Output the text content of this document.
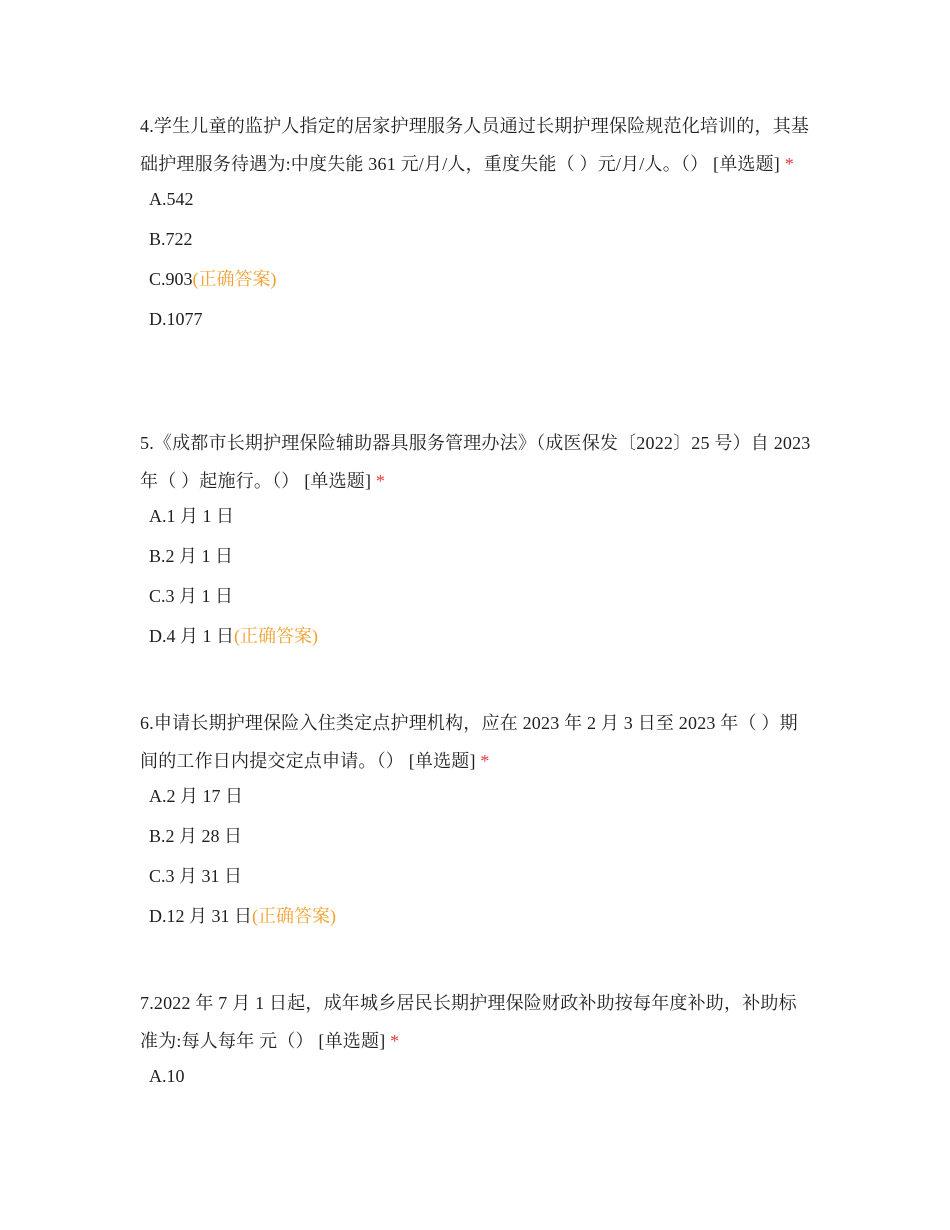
4.学生儿童的监护人指定的居家护理服务人员通过长期护理保险规范化培训的，其基础护理服务待遇为:中度失能 361 元/月/人，重度失能（ ）元/月/人。（） [单选题] *

A.542
B.722
C.903(正确答案)
D.1077

5.《成都市长期护理保险辅助器具服务管理办法》（成医保发〔2022〕25 号）自 2023 年（ ）起施行。（） [单选题] *

A.1 月 1 日
B.2 月 1 日
C.3 月 1 日
D.4 月 1 日(正确答案)

6.申请长期护理保险入住类定点护理机构，应在 2023 年 2 月 3 日至 2023 年（ ）期间的工作日内提交定点申请。（） [单选题] *

A.2 月 17 日
B.2 月 28 日
C.3 月 31 日
D.12 月 31 日(正确答案)

7.2022 年 7 月 1 日起，成年城乡居民长期护理保险财政补助按每年度补助，补助标准为:每人每年 元（） [单选题] *

A.10
